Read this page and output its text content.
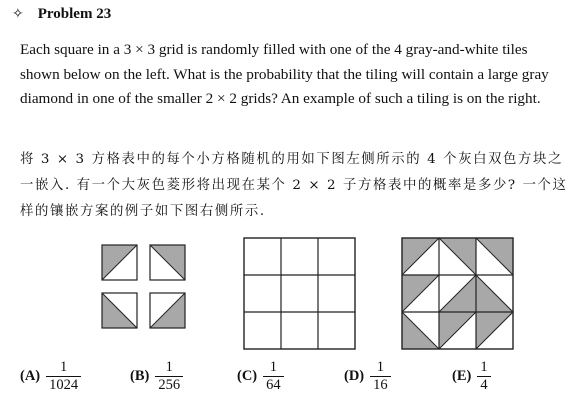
✧ Problem 23
Each square in a 3 × 3 grid is randomly filled with one of the 4 gray-and-white tiles shown below on the left. What is the probability that the tiling will contain a large gray diamond in one of the smaller 2 × 2 grids? An example of such a tiling is on the right.
将 3 × 3 方格表中的每个小方格随机的用如下图左侧所示的 4 个灰白双色方块之一嵌入. 有一个大灰色菱形将出现在某个 2 × 2 子方格表中的概率是多少? 一个这样的镶嵌方案的例子如下图右侧所示.
$(A) \frac{1}{1024}$	$(B) \frac{1}{256}$	$(C) \frac{1}{64}$	$(D) \frac{1}{16}$	$(E) \frac{1}{4}$
